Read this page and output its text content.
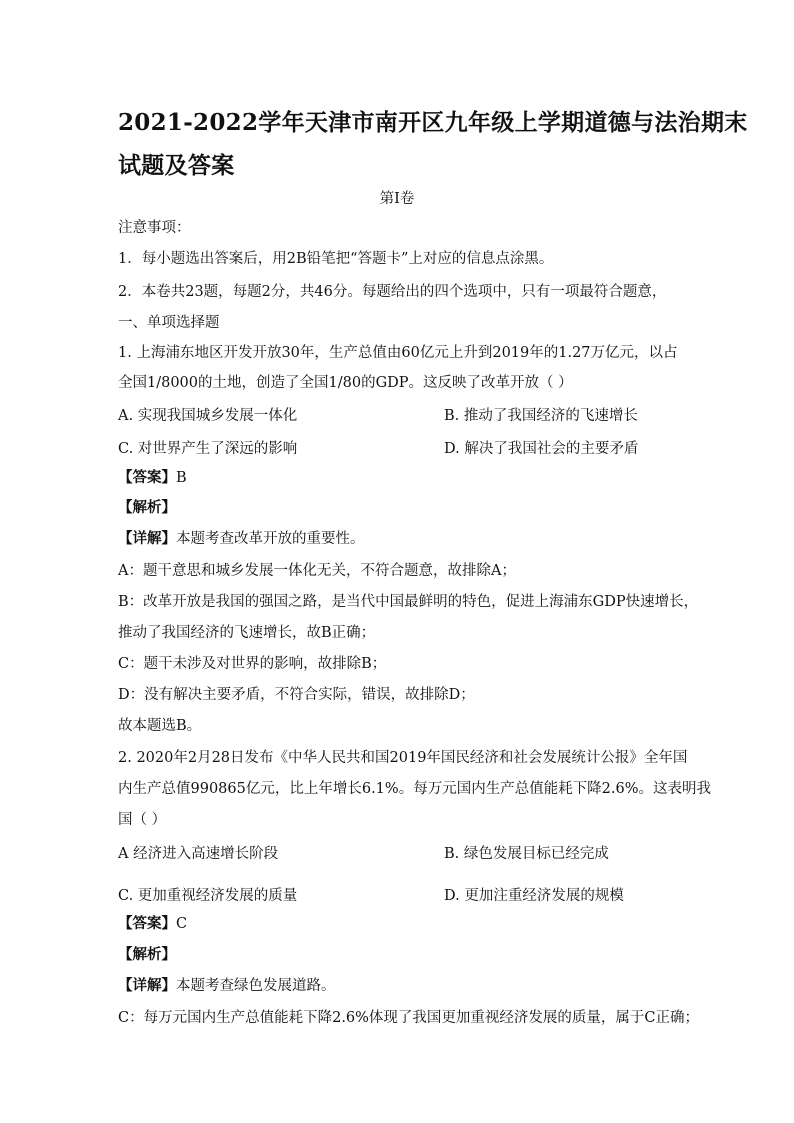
2021-2022学年天津市南开区九年级上学期道德与法治期末
试题及答案
第Ⅰ卷
注意事项：
1．每小题选出答案后，用2B铅笔把“答题卡”上对应的信息点涂黑。
2．本卷共23题，每题2分，共46分。每题给出的四个选项中，只有一项最符合题意，
一、单项选择题
1. 上海浦东地区开发开放30年，生产总值由60亿元上升到2019年的1.27万亿元，以占
全国1/8000的土地，创造了全国1/80的GDP。这反映了改革开放（ ）
A. 实现我国城乡发展一体化	B. 推动了我国经济的飞速增长
C. 对世界产生了深远的影响	D. 解决了我国社会的主要矛盾
【答案】B
【解析】
【详解】本题考查改革开放的重要性。
A：题干意思和城乡发展一体化无关，不符合题意，故排除A；
B：改革开放是我国的强国之路，是当代中国最鲜明的特色，促进上海浦东GDP快速增长，
推动了我国经济的飞速增长，故B正确；
C：题干未涉及对世界的影响，故排除B；
D：没有解决主要矛盾，不符合实际，错误，故排除D；
故本题选B。
2. 2020年2月28日发布《中华人民共和国2019年国民经济和社会发展统计公报》全年国
内生产总值990865亿元，比上年增长6.1%。每万元国内生产总值能耗下降2.6%。这表明我
国（ ）
A 经济进入高速增长阶段	B. 绿色发展目标已经完成
C. 更加重视经济发展的质量	D. 更加注重经济发展的规模
【答案】C
【解析】
【详解】本题考查绿色发展道路。
C：每万元国内生产总值能耗下降2.6%体现了我国更加重视经济发展的质量，属于C正确；
